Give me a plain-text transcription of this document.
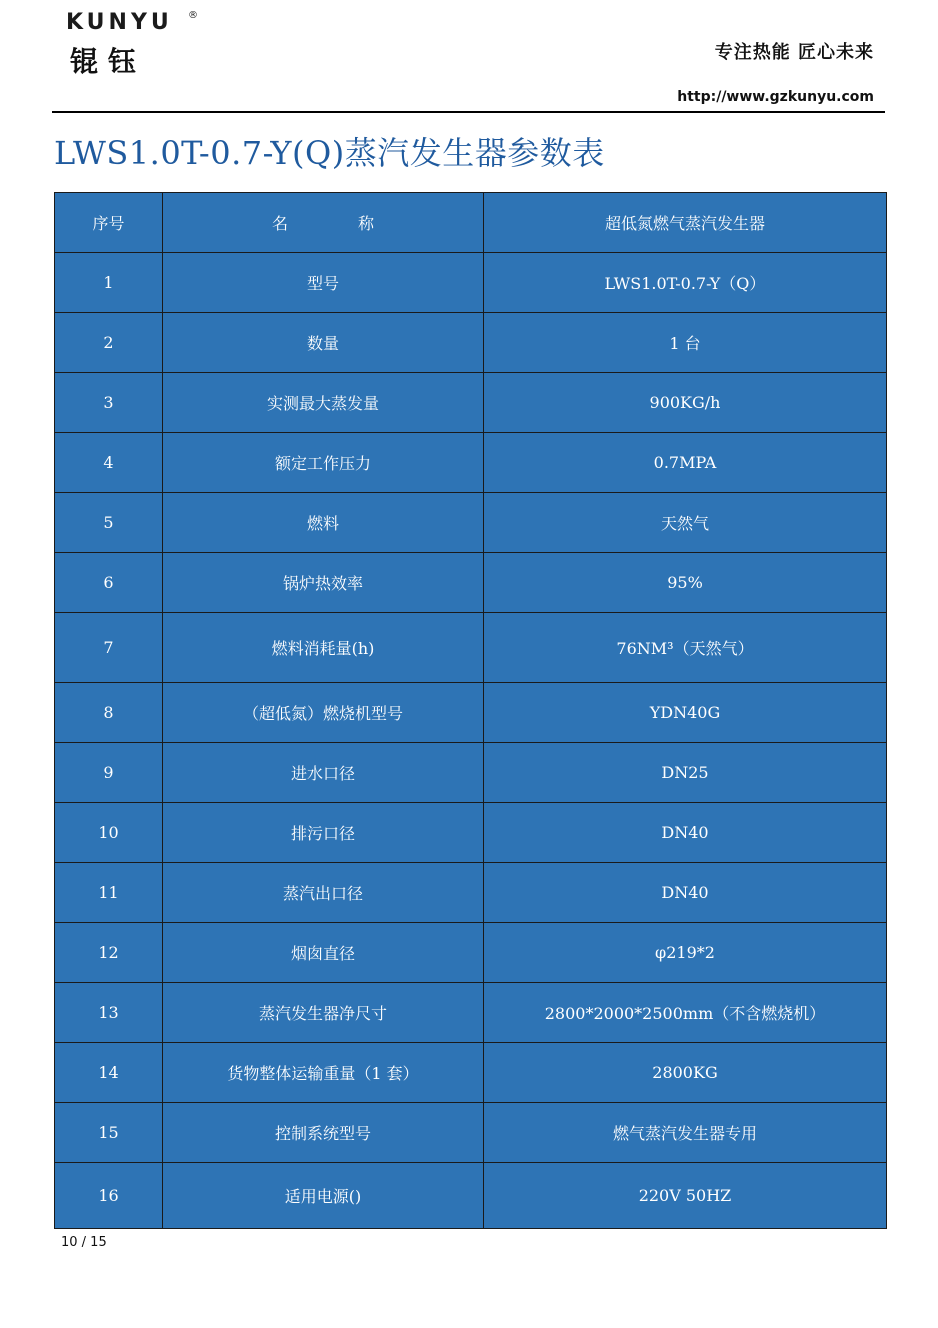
KUNYU ®
锟钰	专注热能 匠心未来
http://www.gzkunyu.com
LWS1.0T-0.7-Y(Q)蒸汽发生器参数表
序号	名 称	超低氮燃气蒸汽发生器
1	型号	LWS1.0T-0.7-Y（Q）
2	数量	1 台
3	实测最大蒸发量	900KG/h
4	额定工作压力	0.7MPA
5	燃料	天然气
6	锅炉热效率	95%
7	燃料消耗量(h)	76NM³（天然气）
8	（超低氮）燃烧机型号	YDN40G
9	进水口径	DN25
10	排污口径	DN40
11	蒸汽出口径	DN40
12	烟囱直径	φ219*2
13	蒸汽发生器净尺寸	2800*2000*2500mm（不含燃烧机）
14	货物整体运输重量（1 套）	2800KG
15	控制系统型号	燃气蒸汽发生器专用
16	适用电源()	220V 50HZ
10 / 15
